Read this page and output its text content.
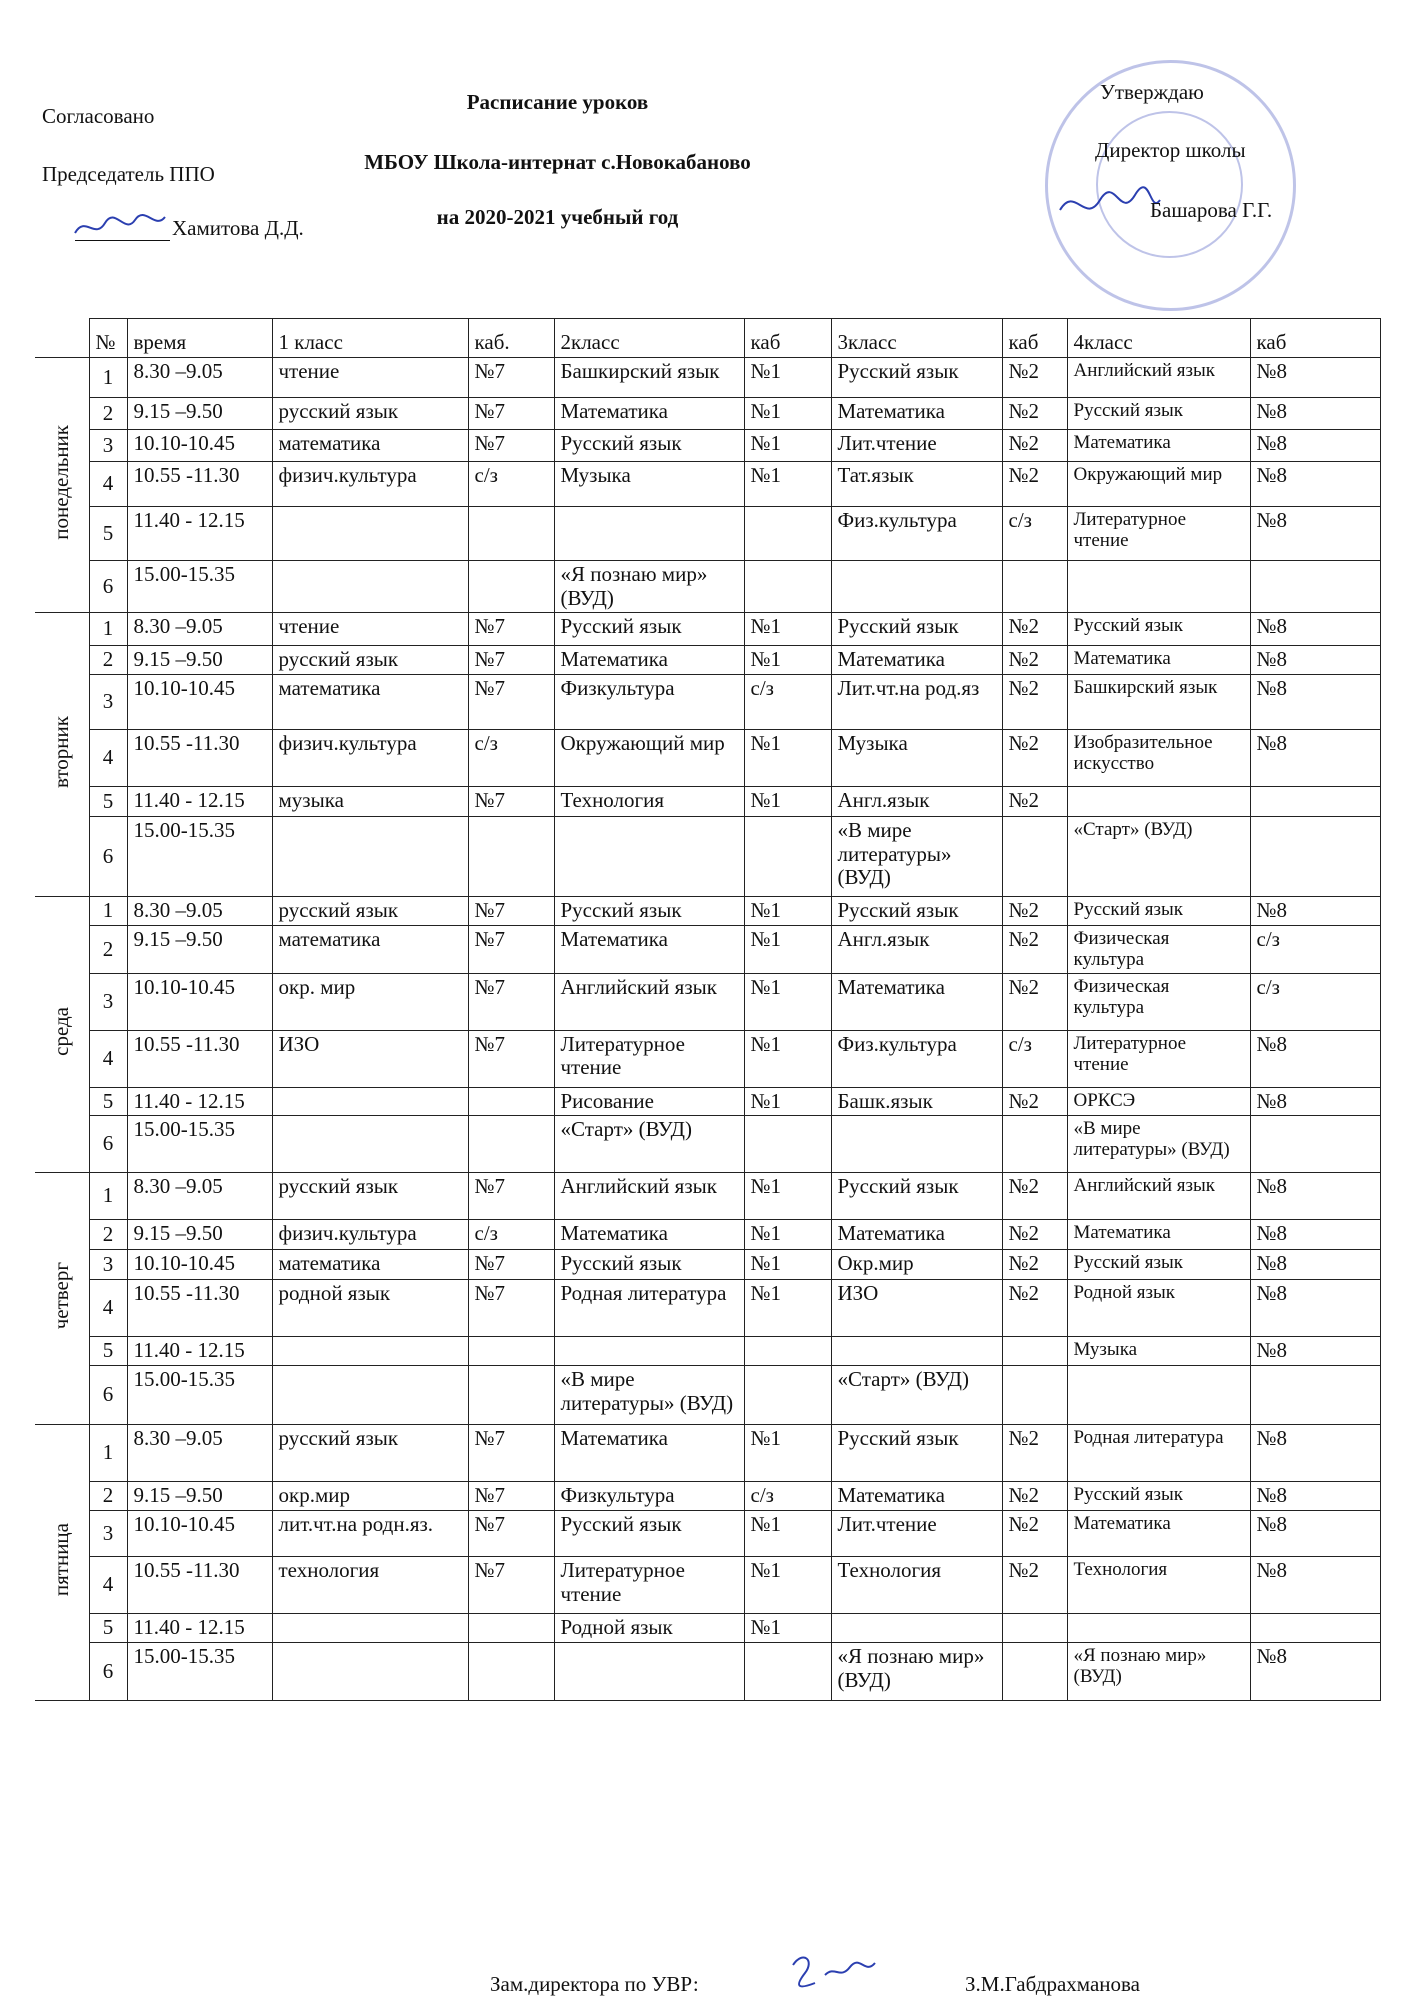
Согласовано
Председатель ППО
Хамитова Д.Д.
Расписание уроков
МБОУ Школа-интернат с.Новокабаново
на 2020-2021 учебный год
Утверждаю
Директор школы
Башарова Г.Г.
	№	время	1 класс	каб.	2класс	каб	3класс	каб	4класс	каб
понедельник	1	8.30 –9.05	чтение	№7	Башкирский язык	№1	Русский язык	№2	Английский язык	№8
	2	9.15 –9.50	русский язык	№7	Математика	№1	Математика	№2	Русский язык	№8
	3	10.10-10.45	математика	№7	Русский язык	№1	Лит.чтение	№2	Математика	№8
	4	10.55 -11.30	физич.культура	с/з	Музыка	№1	Тат.язык	№2	Окружающий мир	№8
	5	11.40 - 12.15					Физ.культура	с/з	Литературное чтение	№8
	6	15.00-15.35			«Я познаю мир» (ВУД)					
вторник	1	8.30 –9.05	чтение	№7	Русский язык	№1	Русский язык	№2	Русский язык	№8
	2	9.15 –9.50	русский язык	№7	Математика	№1	Математика	№2	Математика	№8
	3	10.10-10.45	математика	№7	Физкультура	с/з	Лит.чт.на род.яз	№2	Башкирский язык	№8
	4	10.55 -11.30	физич.культура	с/з	Окружающий мир	№1	Музыка	№2	Изобразительное искусство	№8
	5	11.40 - 12.15	музыка	№7	Технология	№1	Англ.язык	№2		
	6	15.00-15.35					«В мире литературы» (ВУД)		«Старт» (ВУД)	
среда	1	8.30 –9.05	русский язык	№7	Русский язык	№1	Русский язык	№2	Русский язык	№8
	2	9.15 –9.50	математика	№7	Математика	№1	Англ.язык	№2	Физическая культура	с/з
	3	10.10-10.45	окр. мир	№7	Английский язык	№1	Математика	№2	Физическая культура	с/з
	4	10.55 -11.30	ИЗО	№7	Литературное чтение	№1	Физ.культура	с/з	Литературное чтение	№8
	5	11.40 - 12.15			Рисование	№1	Башк.язык	№2	ОРКСЭ	№8
	6	15.00-15.35			«Старт» (ВУД)				«В мире литературы» (ВУД)	
четверг	1	8.30 –9.05	русский язык	№7	Английский язык	№1	Русский язык	№2	Английский язык	№8
	2	9.15 –9.50	физич.культура	с/з	Математика	№1	Математика	№2	Математика	№8
	3	10.10-10.45	математика	№7	Русский язык	№1	Окр.мир	№2	Русский язык	№8
	4	10.55 -11.30	родной язык	№7	Родная литература	№1	ИЗО	№2	Родной язык	№8
	5	11.40 - 12.15							Музыка	№8
	6	15.00-15.35			«В мире литературы» (ВУД)		«Старт» (ВУД)			
пятница	1	8.30 –9.05	русский язык	№7	Математика	№1	Русский язык	№2	Родная литература	№8
	2	9.15 –9.50	окр.мир	№7	Физкультура	с/з	Математика	№2	Русский язык	№8
	3	10.10-10.45	лит.чт.на родн.яз.	№7	Русский язык	№1	Лит.чтение	№2	Математика	№8
	4	10.55 -11.30	технология	№7	Литературное чтение	№1	Технология	№2	Технология	№8
	5	11.40 - 12.15			Родной язык	№1				
	6	15.00-15.35					«Я познаю мир» (ВУД)		«Я познаю мир» (ВУД)	№8
Зам.директора по УВР:	З.М.Габдрахманова
